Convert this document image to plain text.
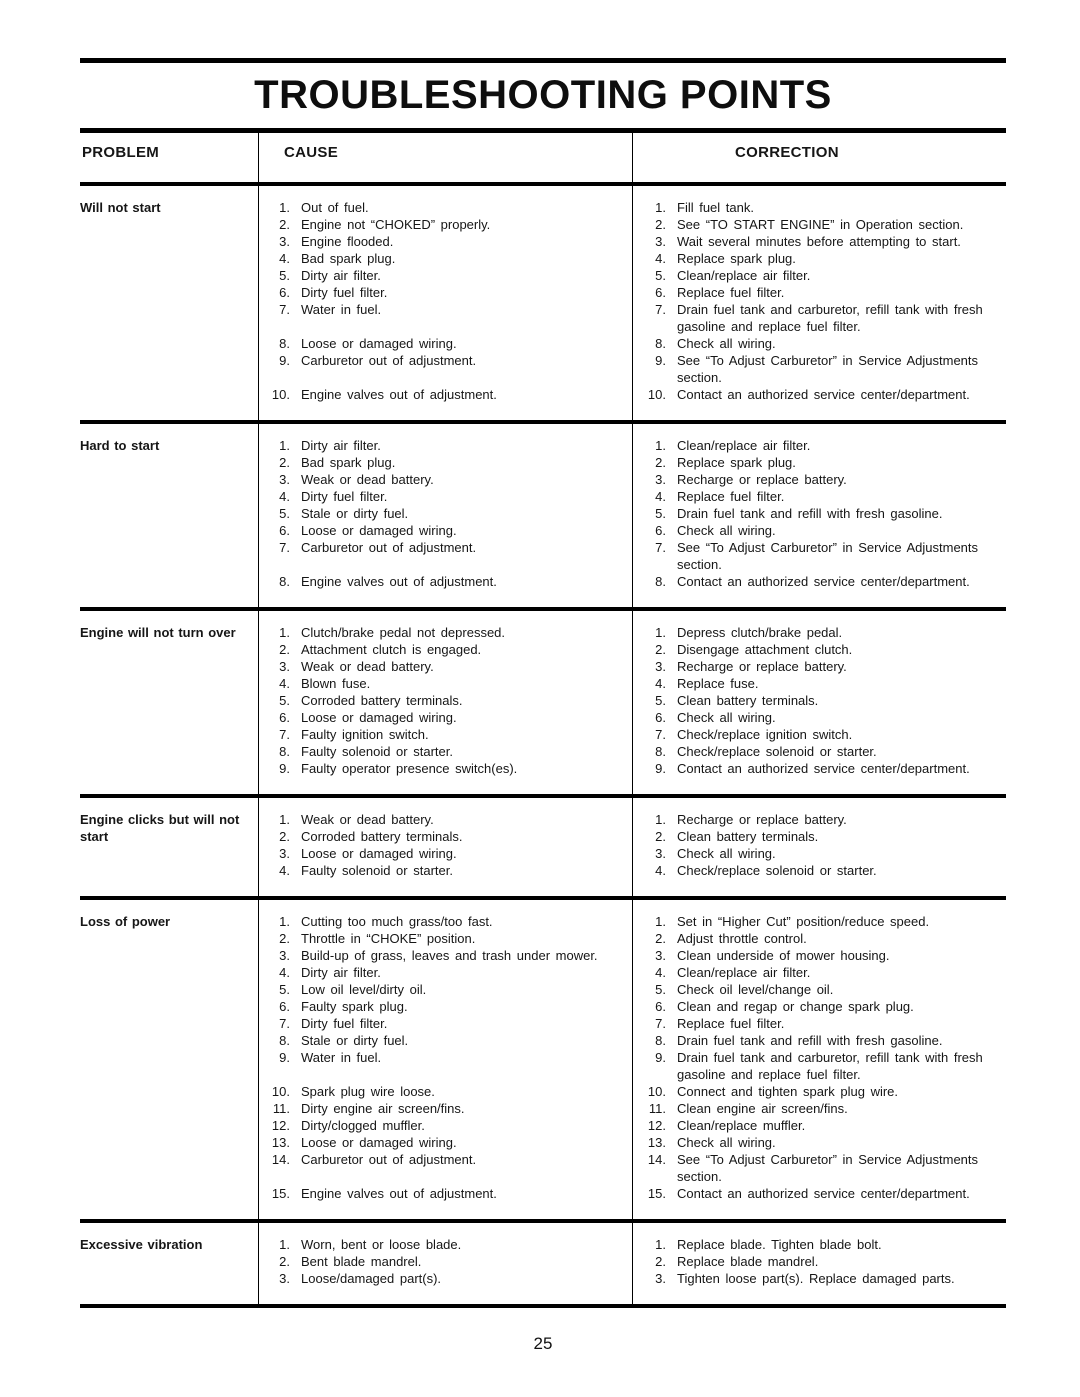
TROUBLESHOOTING POINTS
PROBLEM	CAUSE	CORRECTION
Will not start	1. Out of fuel.	1. Fill fuel tank.
2. Engine not “CHOKED” properly.	2. See “TO START ENGINE” in Operation section.
3. Engine flooded.	3. Wait several minutes before attempting to start.
4. Bad spark plug.	4. Replace spark plug.
5. Dirty air filter.	5. Clean/replace air filter.
6. Dirty fuel filter.	6. Replace fuel filter.
7. Water in fuel.	7. Drain fuel tank and carburetor, refill tank with fresh gasoline and replace fuel filter.
8. Loose or damaged wiring.	8. Check all wiring.
9. Carburetor out of adjustment.	9. See “To Adjust Carburetor” in Service Adjustments section.
10. Engine valves out of adjustment.	10. Contact an authorized service center/department.
Hard to start	1. Dirty air filter.	1. Clean/replace air filter.
2. Bad spark plug.	2. Replace spark plug.
3. Weak or dead battery.	3. Recharge or replace battery.
4. Dirty fuel filter.	4. Replace fuel filter.
5. Stale or dirty fuel.	5. Drain fuel tank and refill with fresh gasoline.
6. Loose or damaged wiring.	6. Check all wiring.
7. Carburetor out of adjustment.	7. See “To Adjust Carburetor” in Service Adjustments section.
8. Engine valves out of adjustment.	8. Contact an authorized service center/department.
Engine will not turn over	1. Clutch/brake pedal not depressed.	1. Depress clutch/brake pedal.
2. Attachment clutch is engaged.	2. Disengage attachment clutch.
3. Weak or dead battery.	3. Recharge or replace battery.
4. Blown fuse.	4. Replace fuse.
5. Corroded battery terminals.	5. Clean battery terminals.
6. Loose or damaged wiring.	6. Check all wiring.
7. Faulty ignition switch.	7. Check/replace ignition switch.
8. Faulty solenoid or starter.	8. Check/replace solenoid or starter.
9. Faulty operator presence switch(es).	9. Contact an authorized service center/department.
Engine clicks but will not start
1. Weak or dead battery.	1. Recharge or replace battery.
2. Corroded battery terminals.	2. Clean battery terminals.
3. Loose or damaged wiring.	3. Check all wiring.
4. Faulty solenoid or starter.	4. Check/replace solenoid or starter.
Loss of power	1. Cutting too much grass/too fast.	1. Set in “Higher Cut” position/reduce speed.
2. Throttle in “CHOKE” position.	2. Adjust throttle control.
3. Build-up of grass, leaves and trash under mower.	3. Clean underside of mower housing.
4. Dirty air filter.	4. Clean/replace air filter.
5. Low oil level/dirty oil.	5. Check oil level/change oil.
6. Faulty spark plug.	6. Clean and regap or change spark plug.
7. Dirty fuel filter.	7. Replace fuel filter.
8. Stale or dirty fuel.	8. Drain fuel tank and refill with fresh gasoline.
9. Water in fuel.	9. Drain fuel tank and carburetor, refill tank with fresh gasoline and replace fuel filter.
10. Spark plug wire loose.	10. Connect and tighten spark plug wire.
11. Dirty engine air screen/fins.	11. Clean engine air screen/fins.
12. Dirty/clogged muffler.	12. Clean/replace muffler.
13. Loose or damaged wiring.	13. Check all wiring.
14. Carburetor out of adjustment.	14. See “To Adjust Carburetor” in Service Adjustments section.
15. Engine valves out of adjustment.	15. Contact an authorized service center/department.
Excessive vibration	1. Worn, bent or loose blade.	1. Replace blade. Tighten blade bolt.
2. Bent blade mandrel.	2. Replace blade mandrel.
3. Loose/damaged part(s).	3. Tighten loose part(s). Replace damaged parts.
25
